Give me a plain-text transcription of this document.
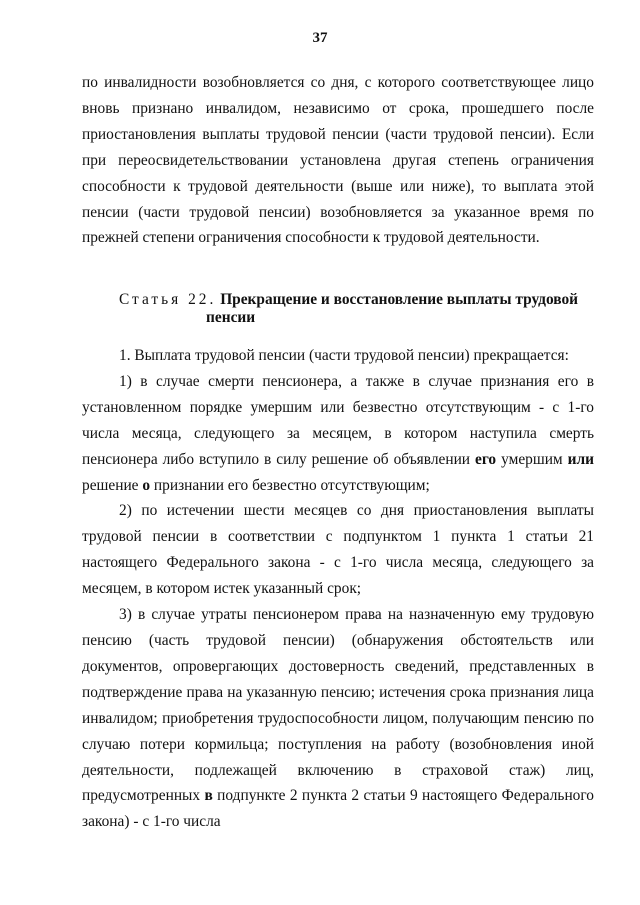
37

по инвалидности возобновляется со дня, с которого соответствующее лицо вновь признано инвалидом, независимо от срока, прошедшего после приостановления выплаты трудовой пенсии (части трудовой пенсии). Если при переосвидетельствовании установлена другая степень ограничения способности к трудовой деятельности (выше или ниже), то выплата этой пенсии (части трудовой пенсии) возобновляется за указанное время по прежней степени ограничения способности к трудовой деятельности.

Статья 22. Прекращение и восстановление выплаты трудовой
пенсии

1. Выплата трудовой пенсии (части трудовой пенсии) прекращается:

1) в случае смерти пенсионера, а также в случае признания его в установленном порядке умершим или безвестно отсутствующим - с 1-го числа месяца, следующего за месяцем, в котором наступила смерть пенсионера либо вступило в силу решение об объявлении его умершим или решение о признании его безвестно отсутствующим;

2) по истечении шести месяцев со дня приостановления выплаты трудовой пенсии в соответствии с подпунктом 1 пункта 1 статьи 21 настоящего Федерального закона - с 1-го числа месяца, следующего за месяцем, в котором истек указанный срок;

3) в случае утраты пенсионером права на назначенную ему трудовую пенсию (часть трудовой пенсии) (обнаружения обстоятельств или документов, опровергающих достоверность сведений, представленных в подтверждение права на указанную пенсию; истечения срока признания лица инвалидом; приобретения трудоспособности лицом, получающим пенсию по случаю потери кормильца; поступления на работу (возобновления иной деятельности, подлежащей включению в страховой стаж) лиц, предусмотренных в подпункте 2 пункта 2 статьи 9 настоящего Федерального закона) - с 1-го числа
